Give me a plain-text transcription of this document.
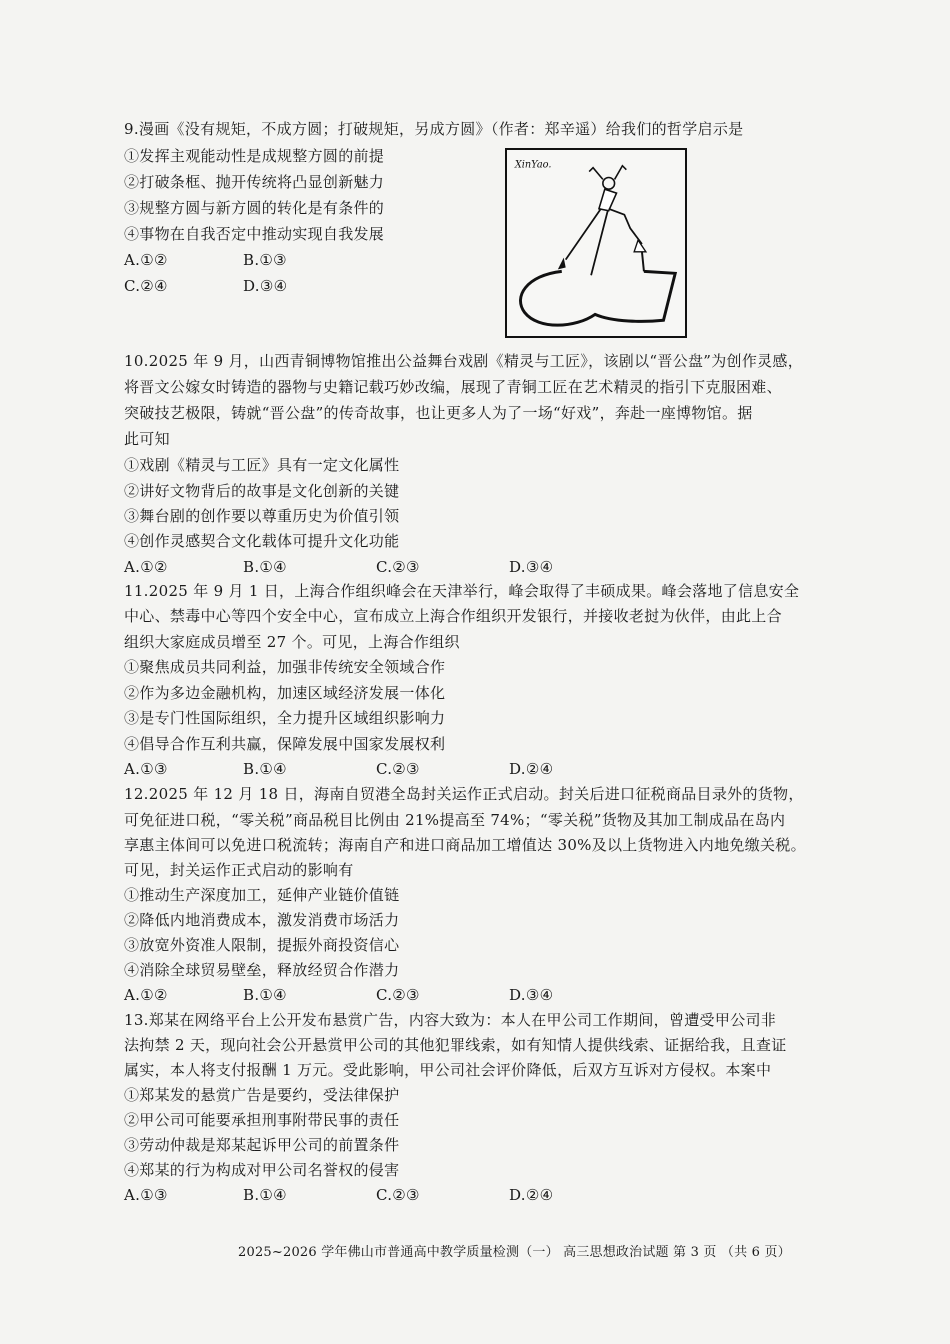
9.漫画《没有规矩，不成方圆；打破规矩，另成方圆》（作者：郑辛遥）给我们的哲学启示是
①发挥主观能动性是成规整方圆的前提
②打破条框、抛开传统将凸显创新魅力
③规整方圆与新方圆的转化是有条件的
④事物在自我否定中推动实现自我发展
A.①②	B.①③
C.②④	D.③④
XinYao.
10.2025 年 9 月，山西青铜博物馆推出公益舞台戏剧《精灵与工匠》，该剧以“晋公盘”为创作灵感，
将晋文公嫁女时铸造的器物与史籍记载巧妙改编，展现了青铜工匠在艺术精灵的指引下克服困难、
突破技艺极限，铸就“晋公盘”的传奇故事，也让更多人为了一场“好戏”，奔赴一座博物馆。据
此可知
①戏剧《精灵与工匠》具有一定文化属性
②讲好文物背后的故事是文化创新的关键
③舞台剧的创作要以尊重历史为价值引领
④创作灵感契合文化载体可提升文化功能
A.①②	B.①④	C.②③	D.③④
11.2025 年 9 月 1 日，上海合作组织峰会在天津举行，峰会取得了丰硕成果。峰会落地了信息安全
中心、禁毒中心等四个安全中心，宣布成立上海合作组织开发银行，并接收老挝为伙伴，由此上合
组织大家庭成员增至 27 个。可见，上海合作组织
①聚焦成员共同利益，加强非传统安全领域合作
②作为多边金融机构，加速区域经济发展一体化
③是专门性国际组织，全力提升区域组织影响力
④倡导合作互利共赢，保障发展中国家发展权利
A.①③	B.①④	C.②③	D.②④
12.2025 年 12 月 18 日，海南自贸港全岛封关运作正式启动。封关后进口征税商品目录外的货物，
可免征进口税，“零关税”商品税目比例由 21%提高至 74%；“零关税”货物及其加工制成品在岛内
享惠主体间可以免进口税流转；海南自产和进口商品加工增值达 30%及以上货物进入内地免缴关税。
可见，封关运作正式启动的影响有
①推动生产深度加工，延伸产业链价值链
②降低内地消费成本，激发消费市场活力
③放宽外资准人限制，提振外商投资信心
④消除全球贸易壁垒，释放经贸合作潜力
A.①②	B.①④	C.②③	D.③④
13.郑某在网络平台上公开发布悬赏广告，内容大致为：本人在甲公司工作期间，曾遭受甲公司非
法拘禁 2 天，现向社会公开悬赏甲公司的其他犯罪线索，如有知情人提供线索、证据给我，且查证
属实，本人将支付报酬 1 万元。受此影响，甲公司社会评价降低，后双方互诉对方侵权。本案中
①郑某发的悬赏广告是要约，受法律保护
②甲公司可能要承担刑事附带民事的责任
③劳动仲裁是郑某起诉甲公司的前置条件
④郑某的行为构成对甲公司名誉权的侵害
A.①③	B.①④	C.②③	D.②④
2025~2026 学年佛山市普通高中教学质量检测（一） 高三思想政治试题 第 3 页 （共 6 页）
